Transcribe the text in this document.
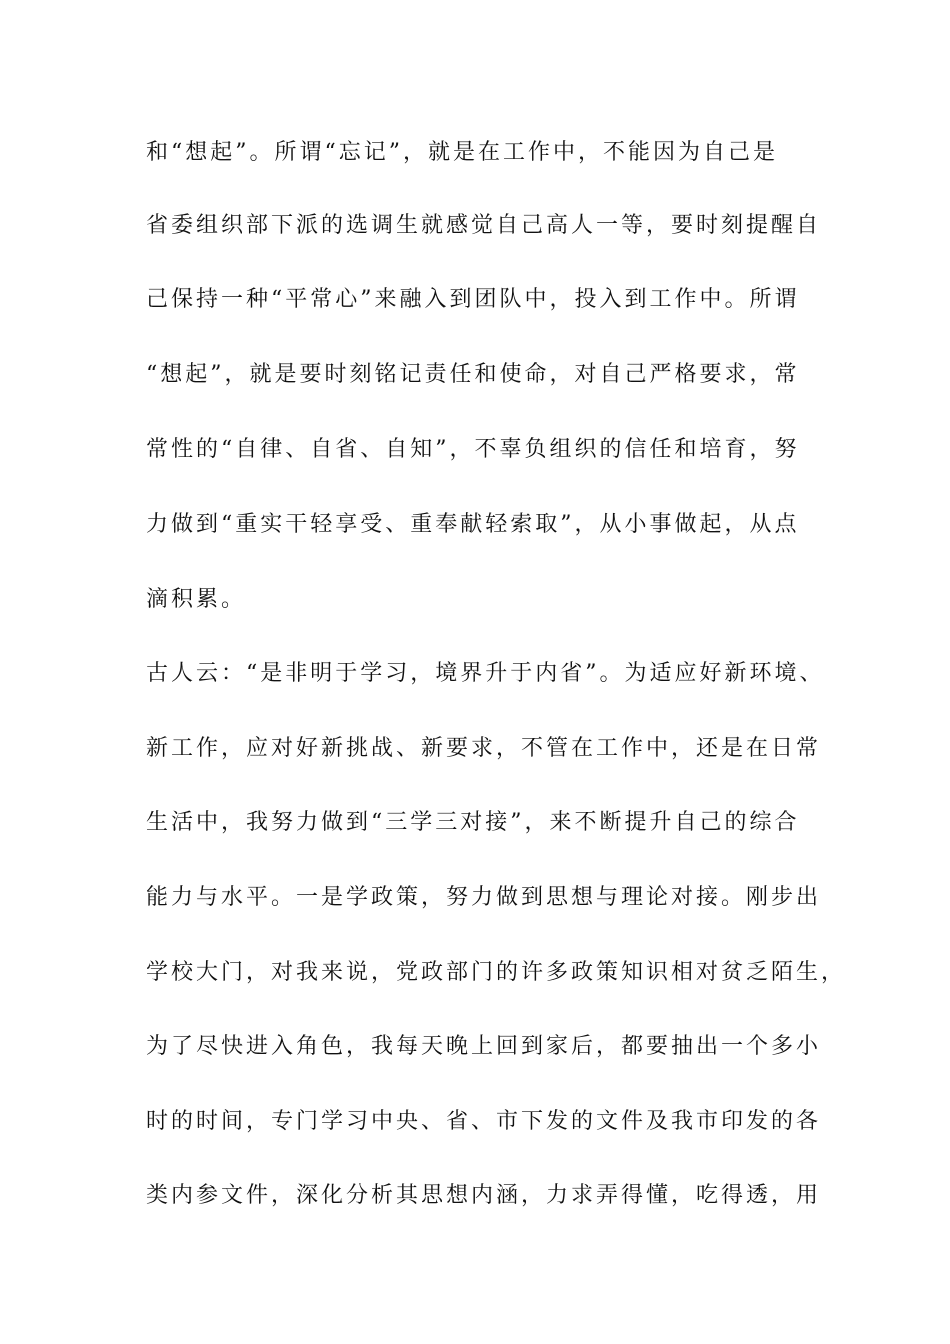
和“想起”。所谓“忘记”，就是在工作中，不能因为自己是
省委组织部下派的选调生就感觉自己高人一等，要时刻提醒自
己保持一种“平常心”来融入到团队中，投入到工作中。所谓
“想起”，就是要时刻铭记责任和使命，对自己严格要求，常
常性的“自律、自省、自知”，不辜负组织的信任和培育，努
力做到“重实干轻享受、重奉献轻索取”，从小事做起，从点
滴积累。
古人云：“是非明于学习，境界升于内省”。为适应好新环境、
新工作，应对好新挑战、新要求，不管在工作中，还是在日常
生活中，我努力做到“三学三对接”，来不断提升自己的综合
能力与水平。一是学政策，努力做到思想与理论对接。刚步出
学校大门，对我来说，党政部门的许多政策知识相对贫乏陌生，
为了尽快进入角色，我每天晚上回到家后，都要抽出一个多小
时的时间，专门学习中央、省、市下发的文件及我市印发的各
类内参文件，深化分析其思想内涵，力求弄得懂，吃得透，用
